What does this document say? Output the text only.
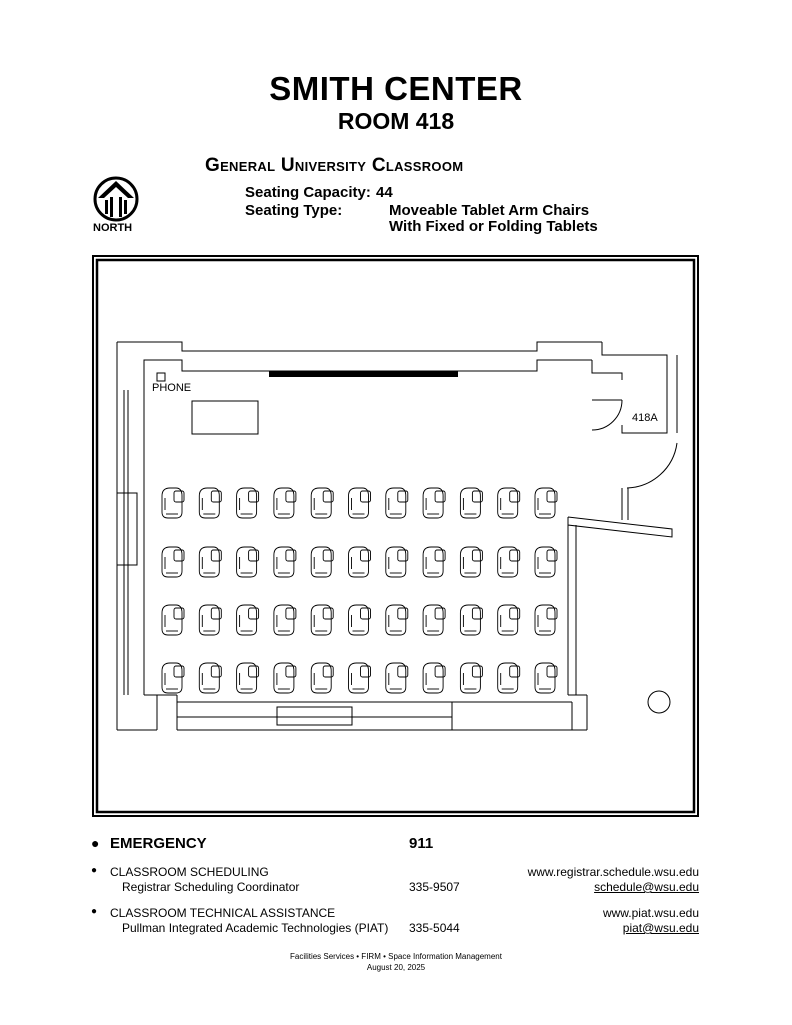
SMITH CENTER
ROOM 418
General University Classroom
Seating Capacity: 44
Seating Type:	Moveable Tablet Arm Chairs
With Fixed or Folding Tablets
NORTH
PHONE
418A
● EMERGENCY	911
● CLASSROOM SCHEDULING
Registrar Scheduling Coordinator	335-9507
www.registrar.schedule.wsu.edu
schedule@wsu.edu
● CLASSROOM TECHNICAL ASSISTANCE
Pullman Integrated Academic Technologies (PIAT) 335-5044
www.piat.wsu.edu
piat@wsu.edu
Facilities Services • FIRM • Space Information Management
August 20, 2025
